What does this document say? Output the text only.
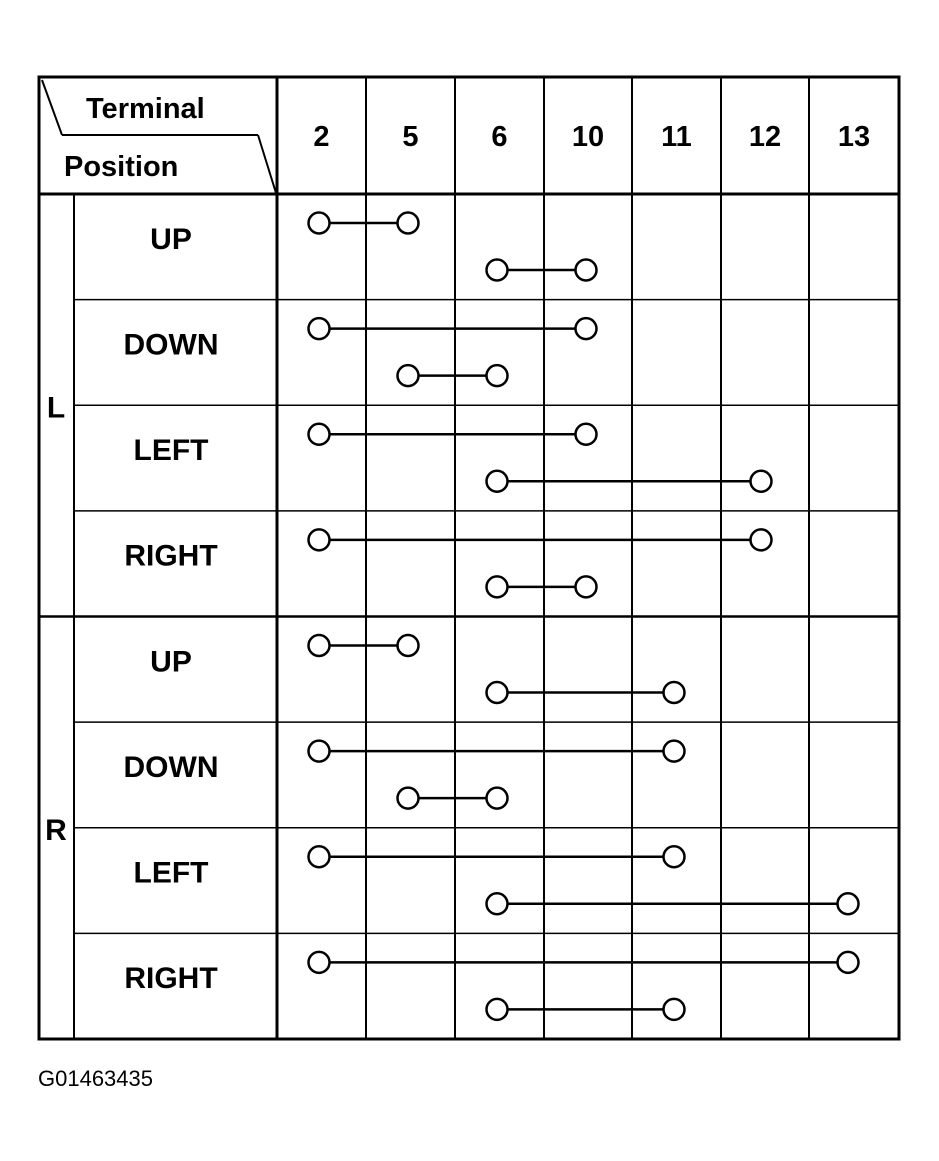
Terminal
Position
2	5	6 10 11 12 13
L
R
UP
DOWN
LEFT
RIGHT
UP
DOWN
LEFT
RIGHT
G01463435
